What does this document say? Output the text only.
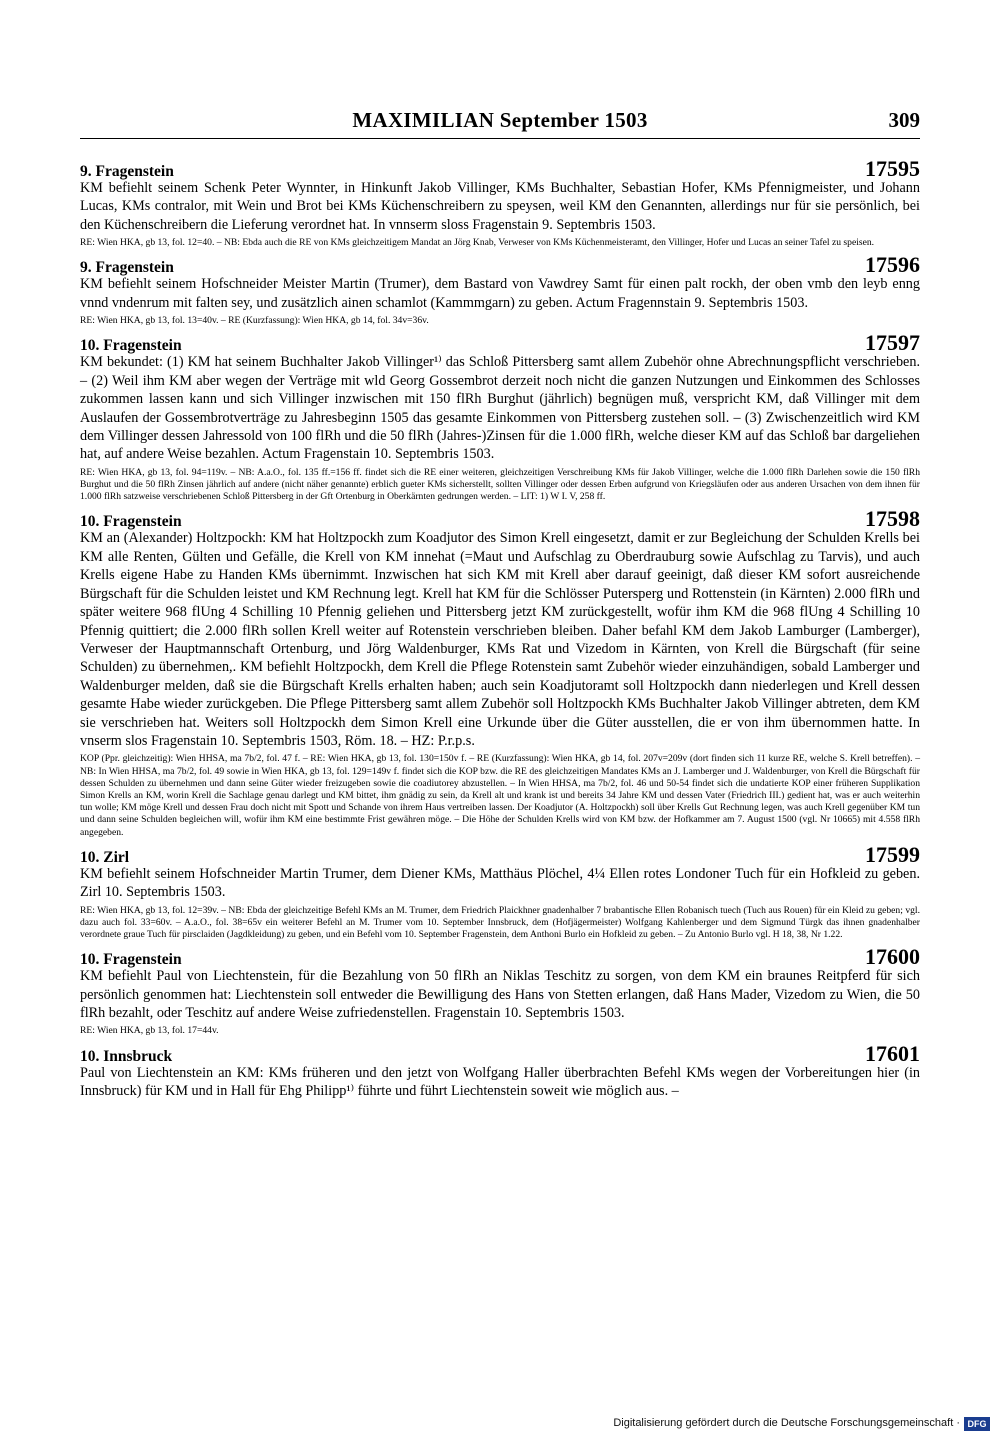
MAXIMILIAN September 1503	309
9. Fragenstein	17595

KM befiehlt seinem Schenk Peter Wynnter, in Hinkunft Jakob Villinger, KMs Buchhalter, Sebastian Hofer, KMs Pfennigmeister, und Johann Lucas, KMs contralor, mit Wein und Brot bei KMs Küchenschreibern zu speysen, weil KM den Genannten, allerdings nur für sie persönlich, bei den Küchenschreibern die Lieferung verordnet hat. In vnnserm sloss Fragenstain 9. Septembris 1503.

RE: Wien HKA, gb 13, fol. 12=40. – NB: Ebda auch die RE von KMs gleichzeitigem Mandat an Jörg Knab, Verweser von KMs Küchenmeisteramt, den Villinger, Hofer und Lucas an seiner Tafel zu speisen.

9. Fragenstein	17596

KM befiehlt seinem Hofschneider Meister Martin (Trumer), dem Bastard von Vawdrey Samt für einen palt rockh, der oben vmb den leyb enng vnnd vndenrum mit falten sey, und zusätzlich ainen schamlot (Kammmgarn) zu geben. Actum Fragennstain 9. Septembris 1503.

RE: Wien HKA, gb 13, fol. 13=40v. – RE (Kurzfassung): Wien HKA, gb 14, fol. 34v=36v.

10. Fragenstein	17597

KM bekundet: (1) KM hat seinem Buchhalter Jakob Villinger¹⁾ das Schloß Pittersberg samt allem Zubehör ohne Abrechnungspflicht verschrieben. – (2) Weil ihm KM aber wegen der Verträge mit wld Georg Gossembrot derzeit noch nicht die ganzen Nutzungen und Einkommen des Schlosses zukommen lassen kann und sich Villinger inzwischen mit 150 flRh Burghut (jährlich) begnügen muß, verspricht KM, daß Villinger mit dem Auslaufen der Gossembrotverträge zu Jahresbeginn 1505 das gesamte Einkommen von Pittersberg zustehen soll. – (3) Zwischenzeitlich wird KM dem Villinger dessen Jahressold von 100 flRh und die 50 flRh (Jahres-)Zinsen für die 1.000 flRh, welche dieser KM auf das Schloß bar dargeliehen hat, auf andere Weise bezahlen. Actum Fragenstain 10. Septembris 1503.

RE: Wien HKA, gb 13, fol. 94=119v. – NB: A.a.O., fol. 135 ff.=156 ff. findet sich die RE einer weiteren, gleichzeitigen Verschreibung KMs für Jakob Villinger, welche die 1.000 flRh Darlehen sowie die 150 flRh Burghut und die 50 flRh Zinsen jährlich auf andere (nicht näher genannte) erblich gueter KMs sicherstellt, sollten Villinger oder dessen Erben aufgrund von Kriegsläufen oder aus anderen Ursachen von dem ihnen für 1.000 flRh satzweise verschriebenen Schloß Pittersberg in der Gft Ortenburg in Oberkärnten gedrungen werden. – LIT: 1) W I. V, 258 ff.

10. Fragenstein	17598

KM an (Alexander) Holtzpockh: KM hat Holtzpockh zum Koadjutor des Simon Krell eingesetzt, damit er zur Begleichung der Schulden Krells bei KM alle Renten, Gülten und Gefälle, die Krell von KM innehat (=Maut und Aufschlag zu Oberdrauburg sowie Aufschlag zu Tarvis), und auch Krells eigene Habe zu Handen KMs übernimmt. Inzwischen hat sich KM mit Krell aber darauf geeinigt, daß dieser KM sofort ausreichende Bürgschaft für die Schulden leistet und KM Rechnung legt. Krell hat KM für die Schlösser Putersperg und Rottenstein (in Kärnten) 2.000 flRh und später weitere 968 flUng 4 Schilling 10 Pfennig geliehen und Pittersberg jetzt KM zurückgestellt, wofür ihm KM die 968 flUng 4 Schilling 10 Pfennig quittiert; die 2.000 flRh sollen Krell weiter auf Rotenstein verschrieben bleiben. Daher befahl KM dem Jakob Lamburger (Lamberger), Verweser der Hauptmannschaft Ortenburg, und Jörg Waldenburger, KMs Rat und Vizedom in Kärnten, von Krell die Bürgschaft (für seine Schulden) zu übernehmen,. KM befiehlt Holtzpockh, dem Krell die Pflege Rotenstein samt Zubehör wieder einzuhändigen, sobald Lamberger und Waldenburger melden, daß sie die Bürgschaft Krells erhalten haben; auch sein Koadjutoramt soll Holtzpockh dann niederlegen und Krell dessen gesamte Habe wieder zurückgeben. Die Pflege Pittersberg samt allem Zubehör soll Holtzpockh KMs Buchhalter Jakob Villinger abtreten, dem KM sie verschrieben hat. Weiters soll Holtzpockh dem Simon Krell eine Urkunde über die Güter ausstellen, die er von ihm übernommen hatte. In vnserm slos Fragenstain 10. Septembris 1503, Röm. 18. – HZ: P.r.p.s.

KOP (Ppr. gleichzeitig): Wien HHSA, ma 7b/2, fol. 47 f. – RE: Wien HKA, gb 13, fol. 130=150v f. – RE (Kurzfassung): Wien HKA, gb 14, fol. 207v=209v (dort finden sich 11 kurze RE, welche S. Krell betreffen). – NB: In Wien HHSA, ma 7b/2, fol. 49 sowie in Wien HKA, gb 13, fol. 129=149v f. findet sich die KOP bzw. die RE des gleichzeitigen Mandates KMs an J. Lamberger und J. Waldenburger, von Krell die Bürgschaft für dessen Schulden zu übernehmen und dann seine Güter wieder freizugeben sowie die coadiutorey abzustellen. – In Wien HHSA, ma 7b/2, fol. 46 und 50-54 findet sich die undatierte KOP einer früheren Supplikation Simon Krells an KM, worin Krell die Sachlage genau darlegt und KM bittet, ihm gnädig zu sein, da Krell alt und krank ist und bereits 34 Jahre KM und dessen Vater (Friedrich III.) gedient hat, was er auch weiterhin tun wolle; KM möge Krell und dessen Frau doch nicht mit Spott und Schande von ihrem Haus vertreiben lassen. Der Koadjutor (A. Holtzpockh) soll über Krells Gut Rechnung legen, was auch Krell gegenüber KM tun und dann seine Schulden begleichen will, wofür ihm KM eine bestimmte Frist gewähren möge. – Die Höhe der Schulden Krells wird von KM bzw. der Hofkammer am 7. August 1500 (vgl. Nr 10665) mit 4.558 flRh angegeben.

10. Zirl	17599

KM befiehlt seinem Hofschneider Martin Trumer, dem Diener KMs, Matthäus Plöchel, 4¼ Ellen rotes Londoner Tuch für ein Hofkleid zu geben. Zirl 10. Septembris 1503.

RE: Wien HKA, gb 13, fol. 12=39v. – NB: Ebda der gleichzeitige Befehl KMs an M. Trumer, dem Friedrich Plaickhner gnadenhalber 7 brabantische Ellen Robanisch tuech (Tuch aus Rouen) für ein Kleid zu geben; vgl. dazu auch fol. 33=60v. – A.a.O., fol. 38=65v ein weiterer Befehl an M. Trumer vom 10. September Innsbruck, dem (Hofjägermeister) Wolfgang Kahlenberger und dem Sigmund Türgk das ihnen gnadenhalber verordnete graue Tuch für pirsclaiden (Jagdkleidung) zu geben, und ein Befehl vom 10. September Fragenstein, dem Anthoni Burlo ein Hofkleid zu geben. – Zu Antonio Burlo vgl. H 18, 38, Nr 1.22.

10. Fragenstein	17600

KM befiehlt Paul von Liechtenstein, für die Bezahlung von 50 flRh an Niklas Teschitz zu sorgen, von dem KM ein braunes Reitpferd für sich persönlich genommen hat: Liechtenstein soll entweder die Bewilligung des Hans von Stetten erlangen, daß Hans Mader, Vizedom zu Wien, die 50 flRh bezahlt, oder Teschitz auf andere Weise zufriedenstellen. Fragenstain 10. Septembris 1503.

RE: Wien HKA, gb 13, fol. 17=44v.

10. Innsbruck	17601

Paul von Liechtenstein an KM: KMs früheren und den jetzt von Wolfgang Haller überbrachten Befehl KMs wegen der Vorbereitungen hier (in Innsbruck) für KM und in Hall für Ehg Philipp¹⁾ führte und führt Liechtenstein soweit wie möglich aus. –

Digitalisierung gefördert durch die Deutsche Forschungsgemeinschaft · DFG
